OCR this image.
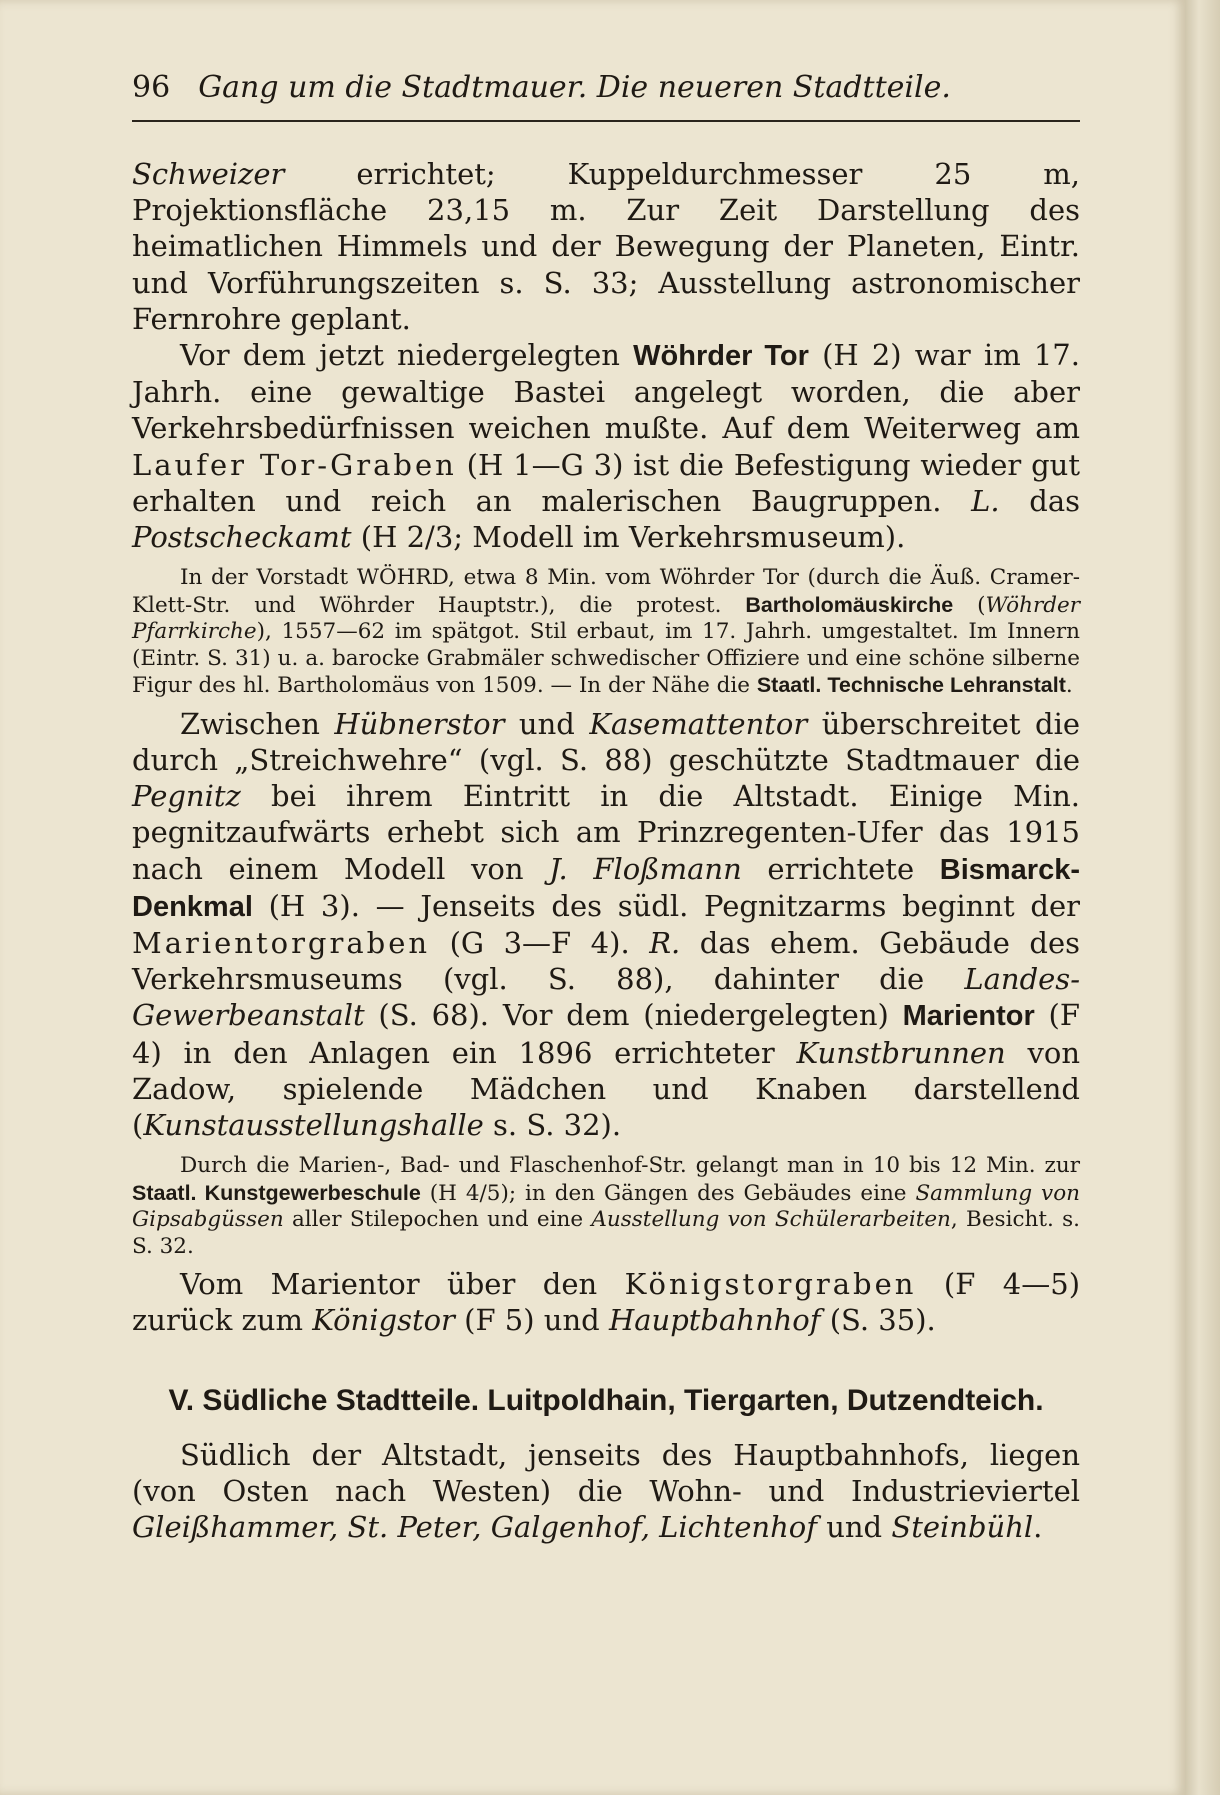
96 Gang um die Stadtmauer. Die neueren Stadtteile.

Schweizer errichtet; Kuppeldurchmesser 25 m, Projektionsfläche 23,15 m. Zur Zeit Darstellung des heimatlichen Himmels und der Bewegung der Planeten, Eintr. und Vorführungszeiten s. S. 33; Ausstellung astronomischer Fernrohre geplant.

Vor dem jetzt niedergelegten Wöhrder Tor (H 2) war im 17. Jahrh. eine gewaltige Bastei angelegt worden, die aber Verkehrsbedürfnissen weichen mußte. Auf dem Weiterweg am Laufer Tor-Graben (H 1—G 3) ist die Befestigung wieder gut erhalten und reich an malerischen Baugruppen. L. das Postscheckamt (H 2/3; Modell im Verkehrsmuseum).

In der Vorstadt WÖHRD, etwa 8 Min. vom Wöhrder Tor (durch die Äuß. Cramer-Klett-Str. und Wöhrder Hauptstr.), die protest. Bartholomäuskirche (Wöhrder Pfarrkirche), 1557—62 im spätgot. Stil erbaut, im 17. Jahrh. umgestaltet. Im Innern (Eintr. S. 31) u. a. barocke Grabmäler schwedischer Offiziere und eine schöne silberne Figur des hl. Bartholomäus von 1509. — In der Nähe die Staatl. Technische Lehranstalt.

Zwischen Hübnerstor und Kasemattentor überschreitet die durch „Streichwehre“ (vgl. S. 88) geschützte Stadtmauer die Pegnitz bei ihrem Eintritt in die Altstadt. Einige Min. pegnitzaufwärts erhebt sich am Prinzregenten-Ufer das 1915 nach einem Modell von J. Floßmann errichtete Bismarck-Denkmal (H 3). — Jenseits des südl. Pegnitzarms beginnt der Marientorgraben (G 3—F 4). R. das ehem. Gebäude des Verkehrsmuseums (vgl. S. 88), dahinter die Landes-Gewerbeanstalt (S. 68). Vor dem (niedergelegten) Marientor (F 4) in den Anlagen ein 1896 errichteter Kunstbrunnen von Zadow, spielende Mädchen und Knaben darstellend (Kunstausstellungshalle s. S. 32).

Durch die Marien-, Bad- und Flaschenhof-Str. gelangt man in 10 bis 12 Min. zur Staatl. Kunstgewerbeschule (H 4/5); in den Gängen des Gebäudes eine Sammlung von Gipsabgüssen aller Stilepochen und eine Ausstellung von Schülerarbeiten, Besicht. s. S. 32.

Vom Marientor über den Königstorgraben (F 4—5) zurück zum Königstor (F 5) und Hauptbahnhof (S. 35).

V. Südliche Stadtteile. Luitpoldhain, Tiergarten, Dutzendteich.

Südlich der Altstadt, jenseits des Hauptbahnhofs, liegen (von Osten nach Westen) die Wohn- und Industrieviertel Gleißhammer, St. Peter, Galgenhof, Lichtenhof und Steinbühl.
